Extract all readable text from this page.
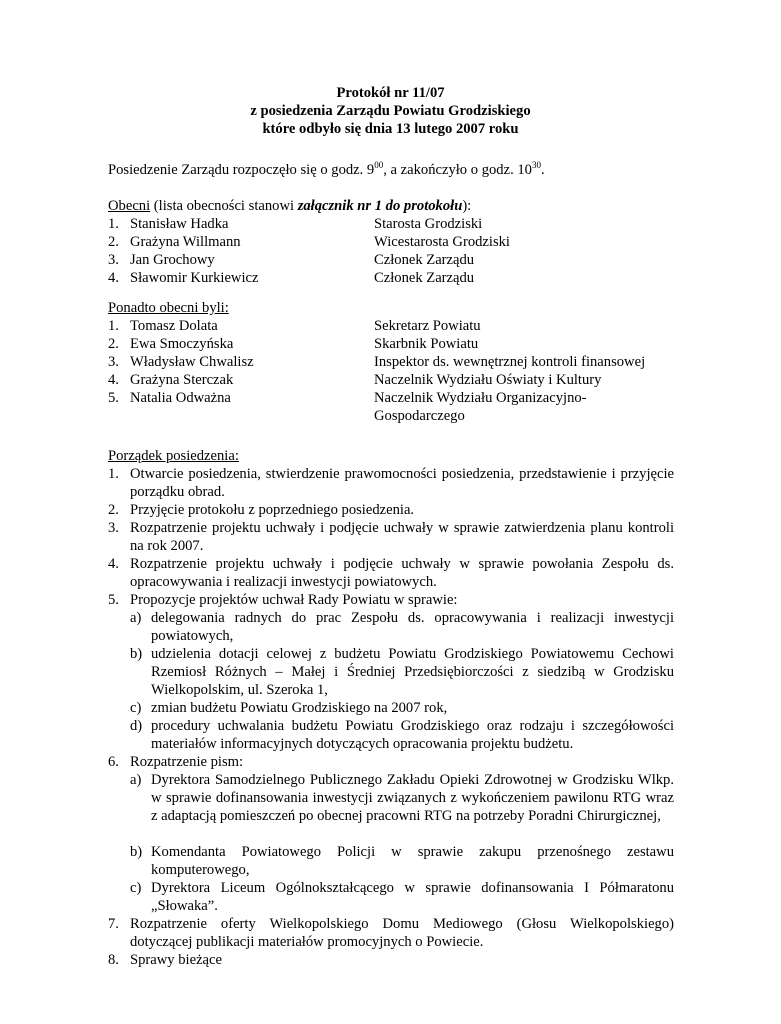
Protokół nr 11/07
z posiedzenia Zarządu Powiatu Grodziskiego
które odbyło się dnia 13 lutego 2007 roku
Posiedzenie Zarządu rozpoczęło się o godz. $9^{00}$, a zakończyło o godz. $10^{30}$.
Obecni (lista obecności stanowi załącznik nr 1 do protokołu):
1. Stanisław Hadka	Starosta Grodziski
2. Grażyna Willmann	Wicestarosta Grodziski
3. Jan Grochowy	Członek Zarządu
4. Sławomir Kurkiewicz	Członek Zarządu
Ponadto obecni byli:
1. Tomasz Dolata	Sekretarz Powiatu
2. Ewa Smoczyńska	Skarbnik Powiatu
3. Władysław Chwalisz	Inspektor ds. wewnętrznej kontroli finansowej
4. Grażyna Sterczak	Naczelnik Wydziału Oświaty i Kultury
5. Natalia Odważna	Naczelnik Wydziału Organizacyjno-
Gospodarczego
Porządek posiedzenia:
1. Otwarcie posiedzenia, stwierdzenie prawomocności posiedzenia, przedstawienie i przyjęcie porządku obrad.
2. Przyjęcie protokołu z poprzedniego posiedzenia.
3. Rozpatrzenie projektu uchwały i podjęcie uchwały w sprawie zatwierdzenia planu kontroli na rok 2007.
4. Rozpatrzenie projektu uchwały i podjęcie uchwały w sprawie powołania Zespołu ds. opracowywania i realizacji inwestycji powiatowych.
5. Propozycje projektów uchwał Rady Powiatu w sprawie:
a) delegowania radnych do prac Zespołu ds. opracowywania i realizacji inwestycji powiatowych,
b) udzielenia dotacji celowej z budżetu Powiatu Grodziskiego Powiatowemu Cechowi Rzemiosł Różnych – Małej i Średniej Przedsiębiorczości z siedzibą w Grodzisku Wielkopolskim, ul. Szeroka 1,
c) zmian budżetu Powiatu Grodziskiego na 2007 rok,
d) procedury uchwalania budżetu Powiatu Grodziskiego oraz rodzaju i szczegółowości materiałów informacyjnych dotyczących opracowania projektu budżetu.
6. Rozpatrzenie pism:
a) Dyrektora Samodzielnego Publicznego Zakładu Opieki Zdrowotnej w Grodzisku Wlkp. w sprawie dofinansowania inwestycji związanych z wykończeniem pawilonu RTG wraz z adaptacją pomieszczeń po obecnej pracowni RTG na potrzeby Poradni Chirurgicznej,
b) Komendanta Powiatowego Policji w sprawie zakupu przenośnego zestawu komputerowego,
c) Dyrektora Liceum Ogólnokształcącego w sprawie dofinansowania I Półmaratonu „Słowaka”.
7. Rozpatrzenie oferty Wielkopolskiego Domu Mediowego (Głosu Wielkopolskiego) dotyczącej publikacji materiałów promocyjnych o Powiecie.
8. Sprawy bieżące
